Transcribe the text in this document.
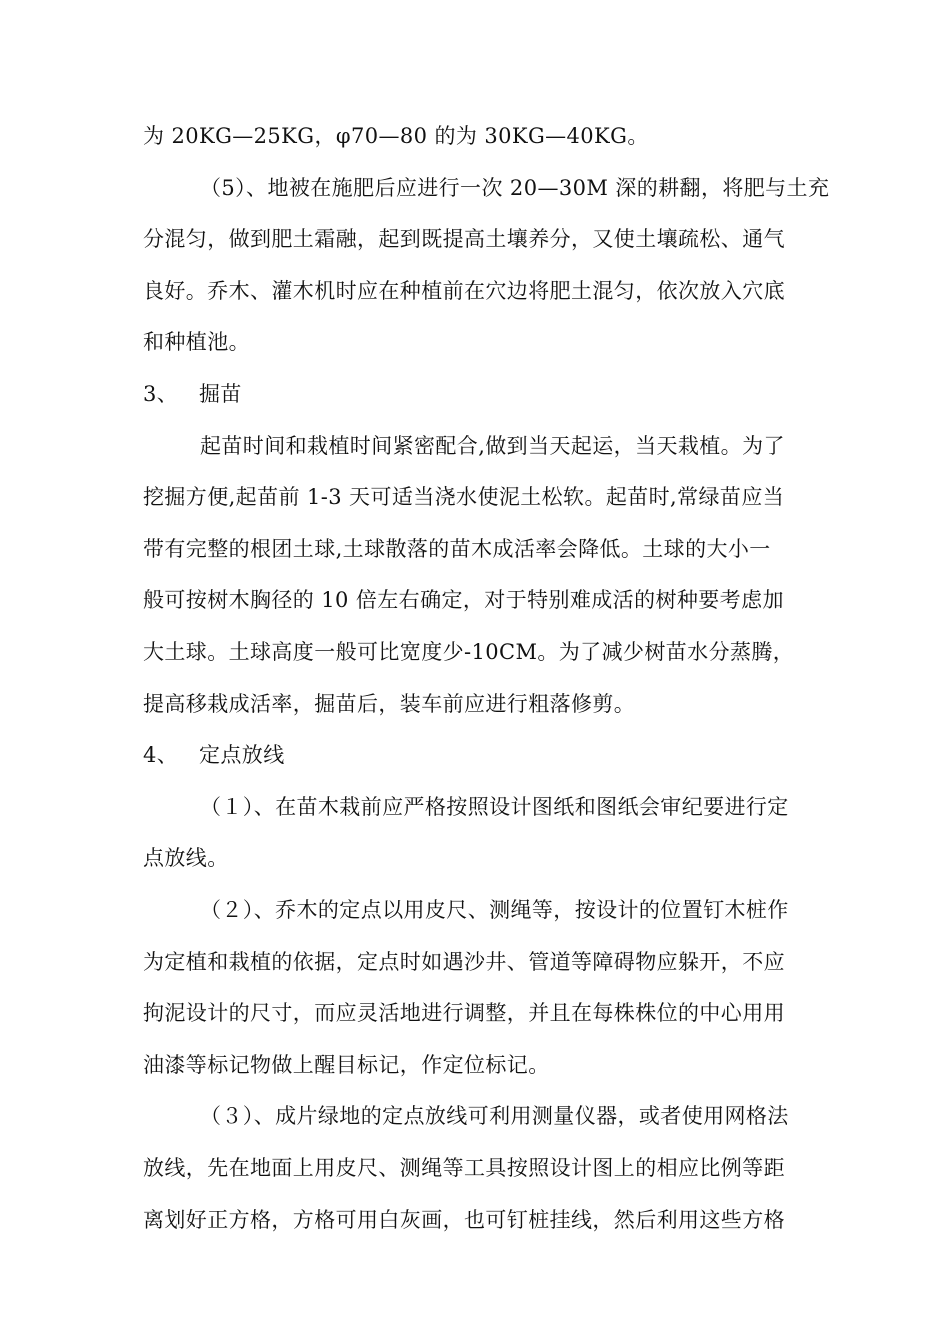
为 20KG—25KG，φ70—80 的为 30KG—40KG。
（5）、地被在施肥后应进行一次 20—30M 深的耕翻，将肥与土充
分混匀，做到肥土霜融，起到既提高土壤养分，又使土壤疏松、通气
良好。乔木、灌木机时应在种植前在穴边将肥土混匀，依次放入穴底
和种植池。
3、 掘苗
起苗时间和栽植时间紧密配合,做到当天起运，当天栽植。为了
挖掘方便,起苗前 1-3 天可适当浇水使泥土松软。起苗时,常绿苗应当
带有完整的根团土球,土球散落的苗木成活率会降低。土球的大小一
般可按树木胸径的 10 倍左右确定，对于特别难成活的树种要考虑加
大土球。土球高度一般可比宽度少-10CM。为了减少树苗水分蒸腾，
提高移栽成活率，掘苗后，装车前应进行粗落修剪。
4、 定点放线
（１）、在苗木栽前应严格按照设计图纸和图纸会审纪要进行定
点放线。
（２）、乔木的定点以用皮尺、测绳等，按设计的位置钉木桩作
为定植和栽植的依据，定点时如遇沙井、管道等障碍物应躲开，不应
拘泥设计的尺寸，而应灵活地进行调整，并且在每株株位的中心用用
油漆等标记物做上醒目标记，作定位标记。
（３）、成片绿地的定点放线可利用测量仪器，或者使用网格法
放线，先在地面上用皮尺、测绳等工具按照设计图上的相应比例等距
离划好正方格，方格可用白灰画，也可钉桩挂线，然后利用这些方格
